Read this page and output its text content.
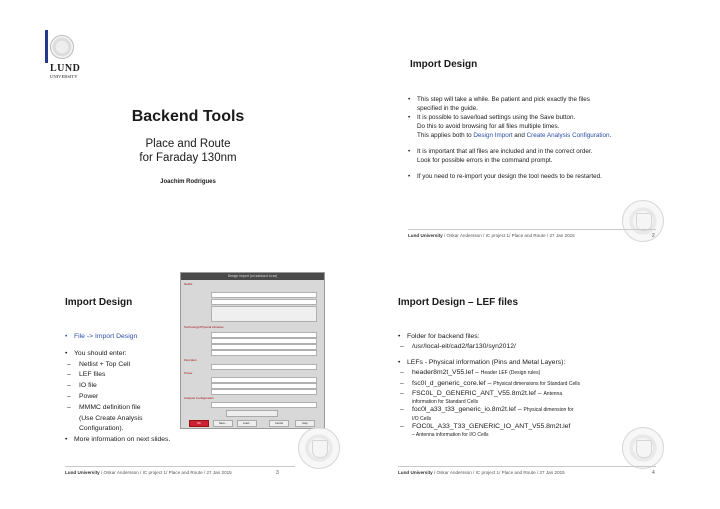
LUND
UNIVERSITY
Backend Tools
Place and Route
for Faraday 130nm
Joachim Rodrigues
Import Design
• This step will take a while. Be patient and pick exactly the files
specified in the guide.
• It is possible to save/load settings using the Save button.
Do this to avoid browsing for all files multiple times.
This applies both to Design Import and Create Analysis Configuration.
• It is important that all files are included and in the correct order.
Look for possible errors in the command prompt.
• If you need to re-import your design the tool needs to be restarted.
Lund University / Oskar Andersson / IC project 1/ Place and Route / 27 Jan 2015	2
Import Design
• File -> Import Design
• You should enter:
– Netlist + Top Cell
– LEF files
– IO file
– Power
– MMMC definition file
(Use Create Analysis
Configuration).
• More information on next slides.
Design Import (on kaktus.it.lu.se)
Netlist
Technology/Physical Libraries
Floorplan
Power
Analysis Configuration
OK	Save...	Load...	Cancel	Help
Lund University / Oskar Andersson / IC project 1/ Place and Route / 27 Jan 2015	3
Import Design – LEF files
• Folder for backend files:
– /usr/local-eit/cad2/far130/syn2012/
• LEFs - Physical information (Pins and Metal Layers):
– header8m2t_V55.lef – Header LEF (Design rules)
– fsc0l_d_generic_core.lef – Physical dimensions for Standard Cells
– FSC0L_D_GENERIC_ANT_V55.8m2t.lef – Antenna
information for Standard Cells
– foc0l_a33_t33_generic_io.8m2t.lef – Physical dimension for
I/O Cells
– FOC0L_A33_T33_GENERIC_IO_ANT_V55.8m2t.lef
– Antenna information for I/O Cells
Lund University / Oskar Andersson / IC project 1/ Place and Route / 27 Jan 2015	4
